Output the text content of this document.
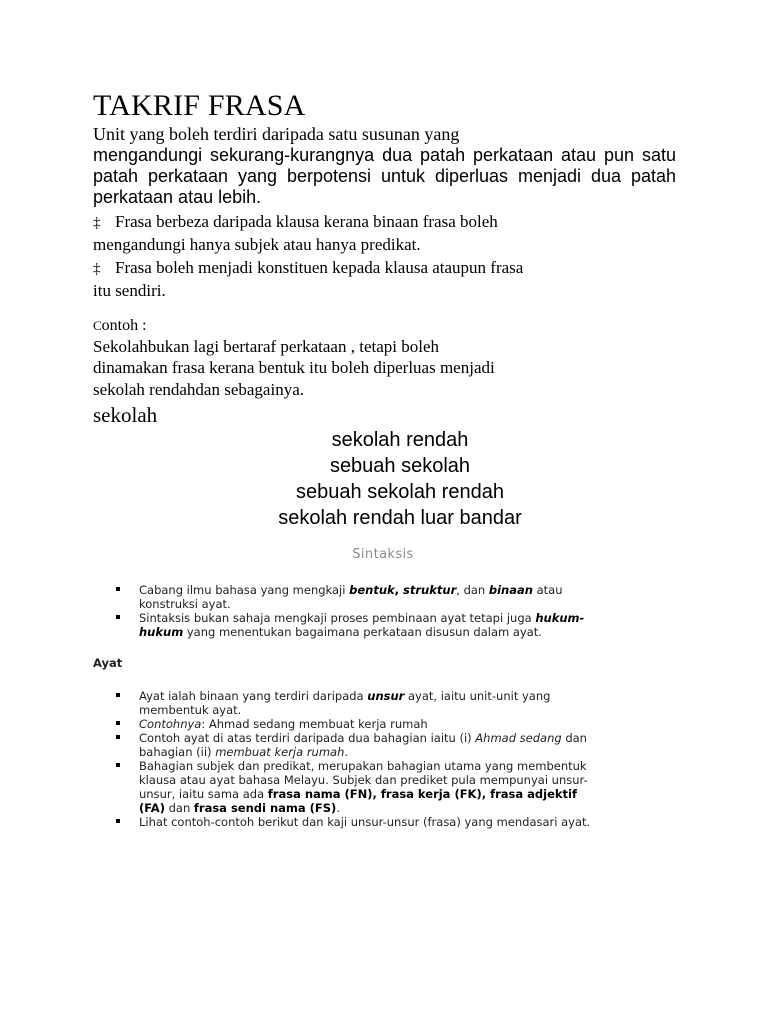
TAKRIF FRASA
Unit yang boleh terdiri daripada satu susunan yang
mengandungi sekurang-kurangnya dua patah perkataan atau pun satu patah perkataan yang berpotensi untuk diperluas menjadi dua patah perkataan atau lebih.
‡ Frasa berbeza daripada klausa kerana binaan frasa boleh
mengandungi hanya subjek atau hanya predikat.
‡ Frasa boleh menjadi konstituen kepada klausa ataupun frasa
itu sendiri.
Contoh :
Sekolahbukan lagi bertaraf perkataan , tetapi boleh
dinamakan frasa kerana bentuk itu boleh diperluas menjadi
sekolah rendahdan sebagainya.
sekolah
sekolah rendah
sebuah sekolah
sebuah sekolah rendah
sekolah rendah luar bandar
Sintaksis
Cabang ilmu bahasa yang mengkaji bentuk, struktur, dan binaan atau
konstruksi ayat.
Sintaksis bukan sahaja mengkaji proses pembinaan ayat tetapi juga hukum-
hukum yang menentukan bagaimana perkataan disusun dalam ayat.
Ayat
Ayat ialah binaan yang terdiri daripada unsur ayat, iaitu unit-unit yang
membentuk ayat.
Contohnya: Ahmad sedang membuat kerja rumah
Contoh ayat di atas terdiri daripada dua bahagian iaitu (i) Ahmad sedang dan
bahagian (ii) membuat kerja rumah.
Bahagian subjek dan predikat, merupakan bahagian utama yang membentuk
klausa atau ayat bahasa Melayu. Subjek dan prediket pula mempunyai unsur-
unsur, iaitu sama ada frasa nama (FN), frasa kerja (FK), frasa adjektif
(FA) dan frasa sendi nama (FS).
Lihat contoh-contoh berikut dan kaji unsur-unsur (frasa) yang mendasari ayat.
